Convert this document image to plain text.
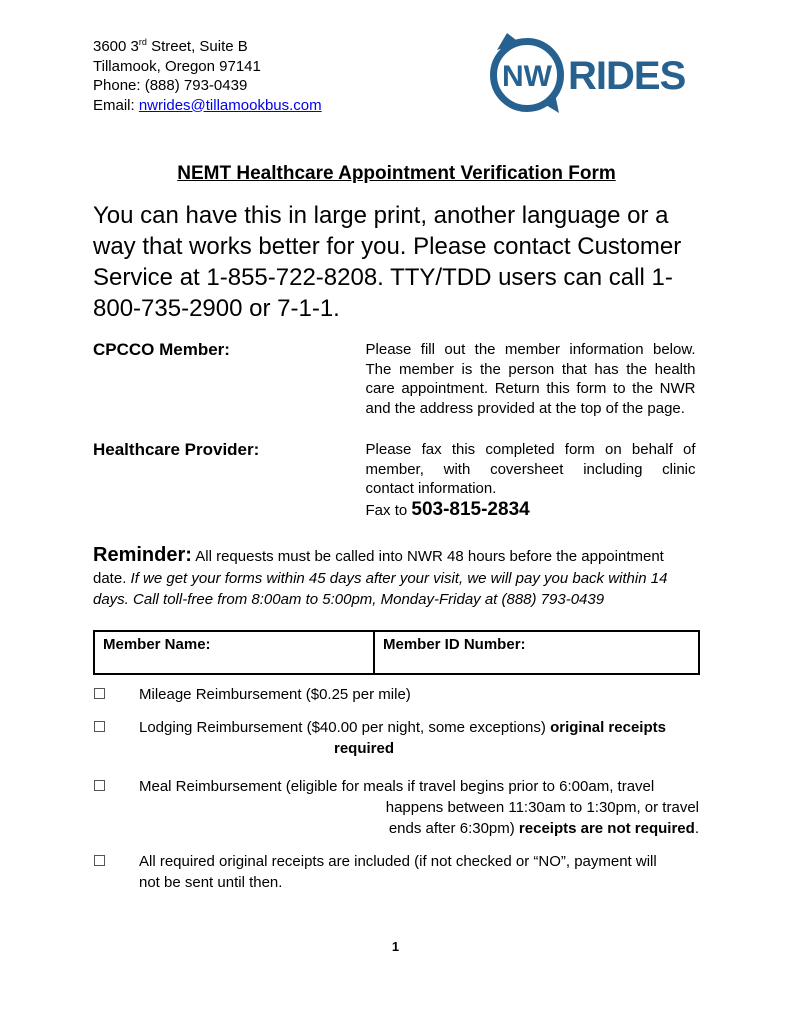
3600 3rd Street, Suite B
Tillamook, Oregon 97141
Phone: (888) 793-0439
Email: nwrides@tillamookbus.com
NW RIDES
NEMT Healthcare Appointment Verification Form
You can have this in large print, another language or a
way that works better for you. Please contact Customer
Service at 1-855-722-8208. TTY/TDD users can call 1-
800-735-2900 or 7-1-1.
CPCCO Member:	Please fill out the member information below.
The member is the person that has the health
care appointment. Return this form to the NWR
and the address provided at the top of the page.
Healthcare Provider:	Please fax this completed form on behalf of
member, with coversheet including clinic
contact information.
Fax to 503-815-2834
Reminder: All requests must be called into NWR 48 hours before the appointment
date. If we get your forms within 45 days after your visit, we will pay you back within 14
days. Call toll-free from 8:00am to 5:00pm, Monday-Friday at (888) 793-0439
Member Name:	Member ID Number:
Mileage Reimbursement ($0.25 per mile)
Lodging Reimbursement ($40.00 per night, some exceptions) original receipts
required
Meal Reimbursement (eligible for meals if travel begins prior to 6:00am, travel
happens between 11:30am to 1:30pm, or travel
ends after 6:30pm) receipts are not required.
All required original receipts are included (if not checked or “NO”, payment will
not be sent until then.
1
